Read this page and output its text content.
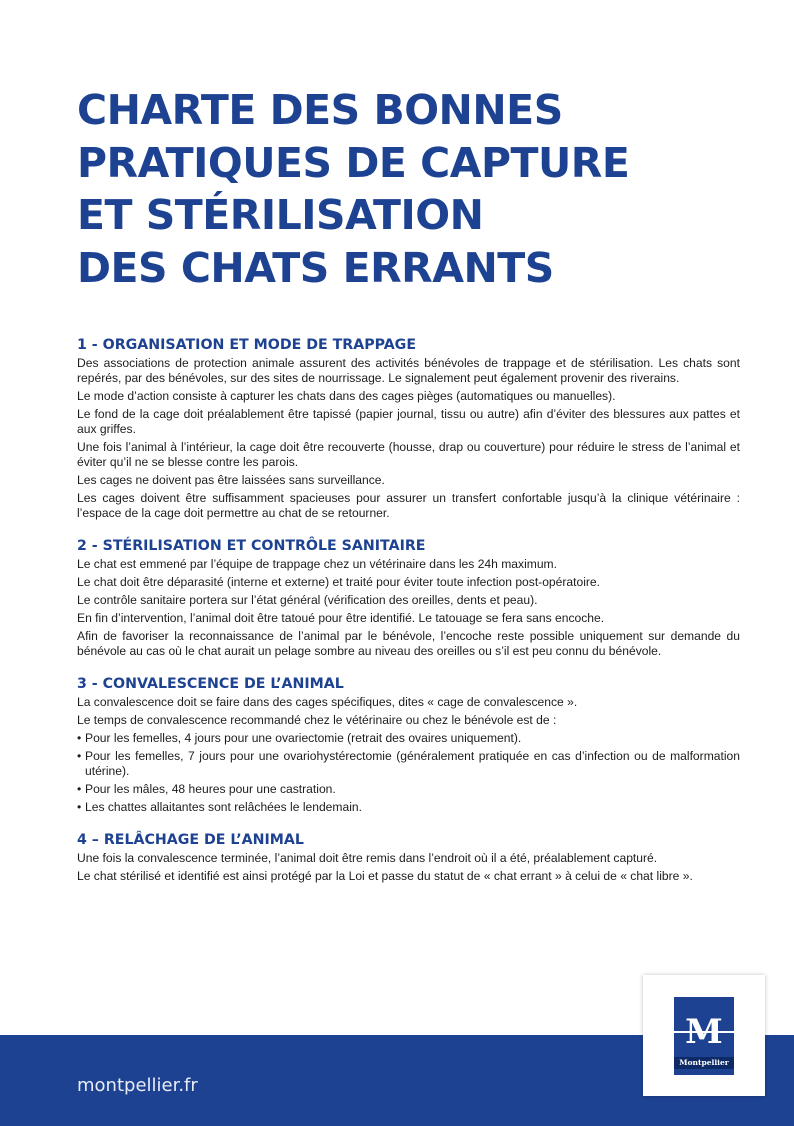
CHARTE DES BONNES
PRATIQUES DE CAPTURE
ET STÉRILISATION
DES CHATS ERRANTS
1 - ORGANISATION ET MODE DE TRAPPAGE

Des associations de protection animale assurent des activités bénévoles de trappage et de stérilisation. Les chats sont repérés, par des bénévoles, sur des sites de nourrissage. Le signalement peut également provenir des riverains.

Le mode d’action consiste à capturer les chats dans des cages pièges (automatiques ou manuelles).

Le fond de la cage doit préalablement être tapissé (papier journal, tissu ou autre) afin d’éviter des blessures aux pattes et aux griffes.

Une fois l’animal à l’intérieur, la cage doit être recouverte (housse, drap ou couverture) pour réduire le stress de l’animal et éviter qu’il ne se blesse contre les parois.

Les cages ne doivent pas être laissées sans surveillance.

Les cages doivent être suffisamment spacieuses pour assurer un transfert confortable jusqu’à la clinique vétérinaire : l’espace de la cage doit permettre au chat de se retourner.

2 - STÉRILISATION ET CONTRÔLE SANITAIRE

Le chat est emmené par l’équipe de trappage chez un vétérinaire dans les 24h maximum.

Le chat doit être déparasité (interne et externe) et traité pour éviter toute infection post-opératoire.

Le contrôle sanitaire portera sur l’état général (vérification des oreilles, dents et peau).

En fin d’intervention, l’animal doit être tatoué pour être identifié. Le tatouage se fera sans encoche.

Afin de favoriser la reconnaissance de l’animal par le bénévole, l’encoche reste possible uniquement sur demande du bénévole au cas où le chat aurait un pelage sombre au niveau des oreilles ou s’il est peu connu du bénévole.

3 - CONVALESCENCE DE L’ANIMAL

La convalescence doit se faire dans des cages spécifiques, dites « cage de convalescence ».

Le temps de convalescence recommandé chez le vétérinaire ou chez le bénévole est de :

• Pour les femelles, 4 jours pour une ovariectomie (retrait des ovaires uniquement).
• Pour les femelles, 7 jours pour une ovariohystérectomie (généralement pratiquée en cas d’infection ou de malformation utérine).
• Pour les mâles, 48 heures pour une castration.
• Les chattes allaitantes sont relâchées le lendemain.
4 – RELÂCHAGE DE L’ANIMAL

Une fois la convalescence terminée, l’animal doit être remis dans l’endroit où il a été, préalablement capturé.

Le chat stérilisé et identifié est ainsi protégé par la Loi et passe du statut de « chat errant » à celui de « chat libre ».

montpellier.fr

M
Montpellier
